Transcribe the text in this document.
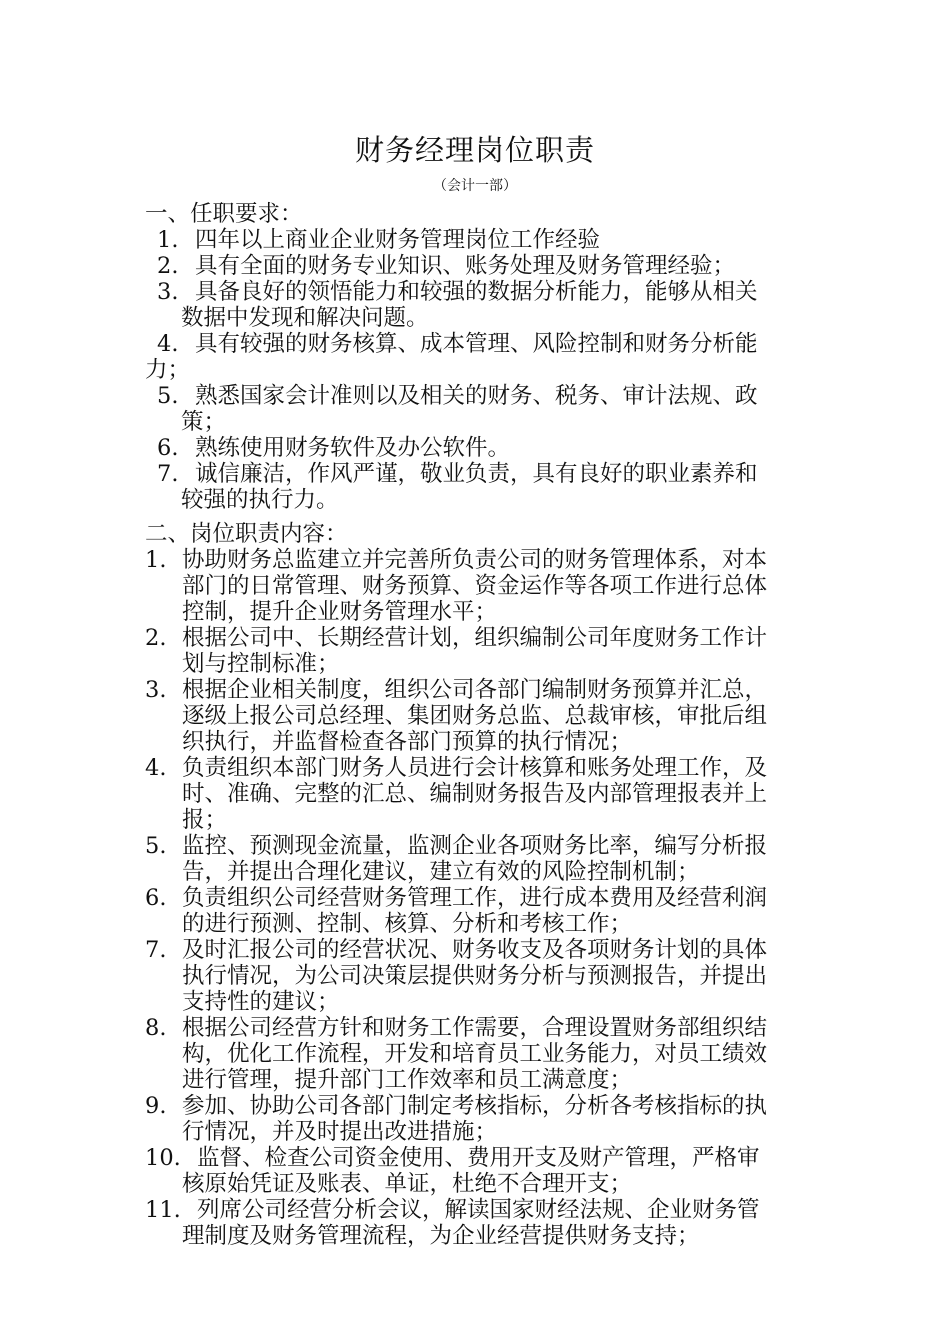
财务经理岗位职责
（会计一部）
一、任职要求：
1. 四年以上商业企业财务管理岗位工作经验
2. 具有全面的财务专业知识、账务处理及财务管理经验；
3. 具备良好的领悟能力和较强的数据分析能力，能够从相关
数据中发现和解决问题。
4. 具有较强的财务核算、成本管理、风险控制和财务分析能
力；
5. 熟悉国家会计准则以及相关的财务、税务、审计法规、政
策；
6. 熟练使用财务软件及办公软件。
7. 诚信廉洁，作风严谨，敬业负责，具有良好的职业素养和
较强的执行力。
二、岗位职责内容：
1. 协助财务总监建立并完善所负责公司的财务管理体系，对本
部门的日常管理、财务预算、资金运作等各项工作进行总体
控制，提升企业财务管理水平；
2. 根据公司中、长期经营计划，组织编制公司年度财务工作计
划与控制标准；
3. 根据企业相关制度，组织公司各部门编制财务预算并汇总，
逐级上报公司总经理、集团财务总监、总裁审核，审批后组
织执行，并监督检查各部门预算的执行情况；
4. 负责组织本部门财务人员进行会计核算和账务处理工作，及
时、准确、完整的汇总、编制财务报告及内部管理报表并上
报；
5. 监控、预测现金流量，监测企业各项财务比率，编写分析报
告，并提出合理化建议，建立有效的风险控制机制；
6. 负责组织公司经营财务管理工作，进行成本费用及经营利润
的进行预测、控制、核算、分析和考核工作；
7. 及时汇报公司的经营状况、财务收支及各项财务计划的具体
执行情况，为公司决策层提供财务分析与预测报告，并提出
支持性的建议；
8. 根据公司经营方针和财务工作需要，合理设置财务部组织结
构，优化工作流程，开发和培育员工业务能力，对员工绩效
进行管理，提升部门工作效率和员工满意度；
9. 参加、协助公司各部门制定考核指标，分析各考核指标的执
行情况，并及时提出改进措施；
10. 监督、检查公司资金使用、费用开支及财产管理，严格审
核原始凭证及账表、单证，杜绝不合理开支；
11. 列席公司经营分析会议，解读国家财经法规、企业财务管
理制度及财务管理流程，为企业经营提供财务支持；
